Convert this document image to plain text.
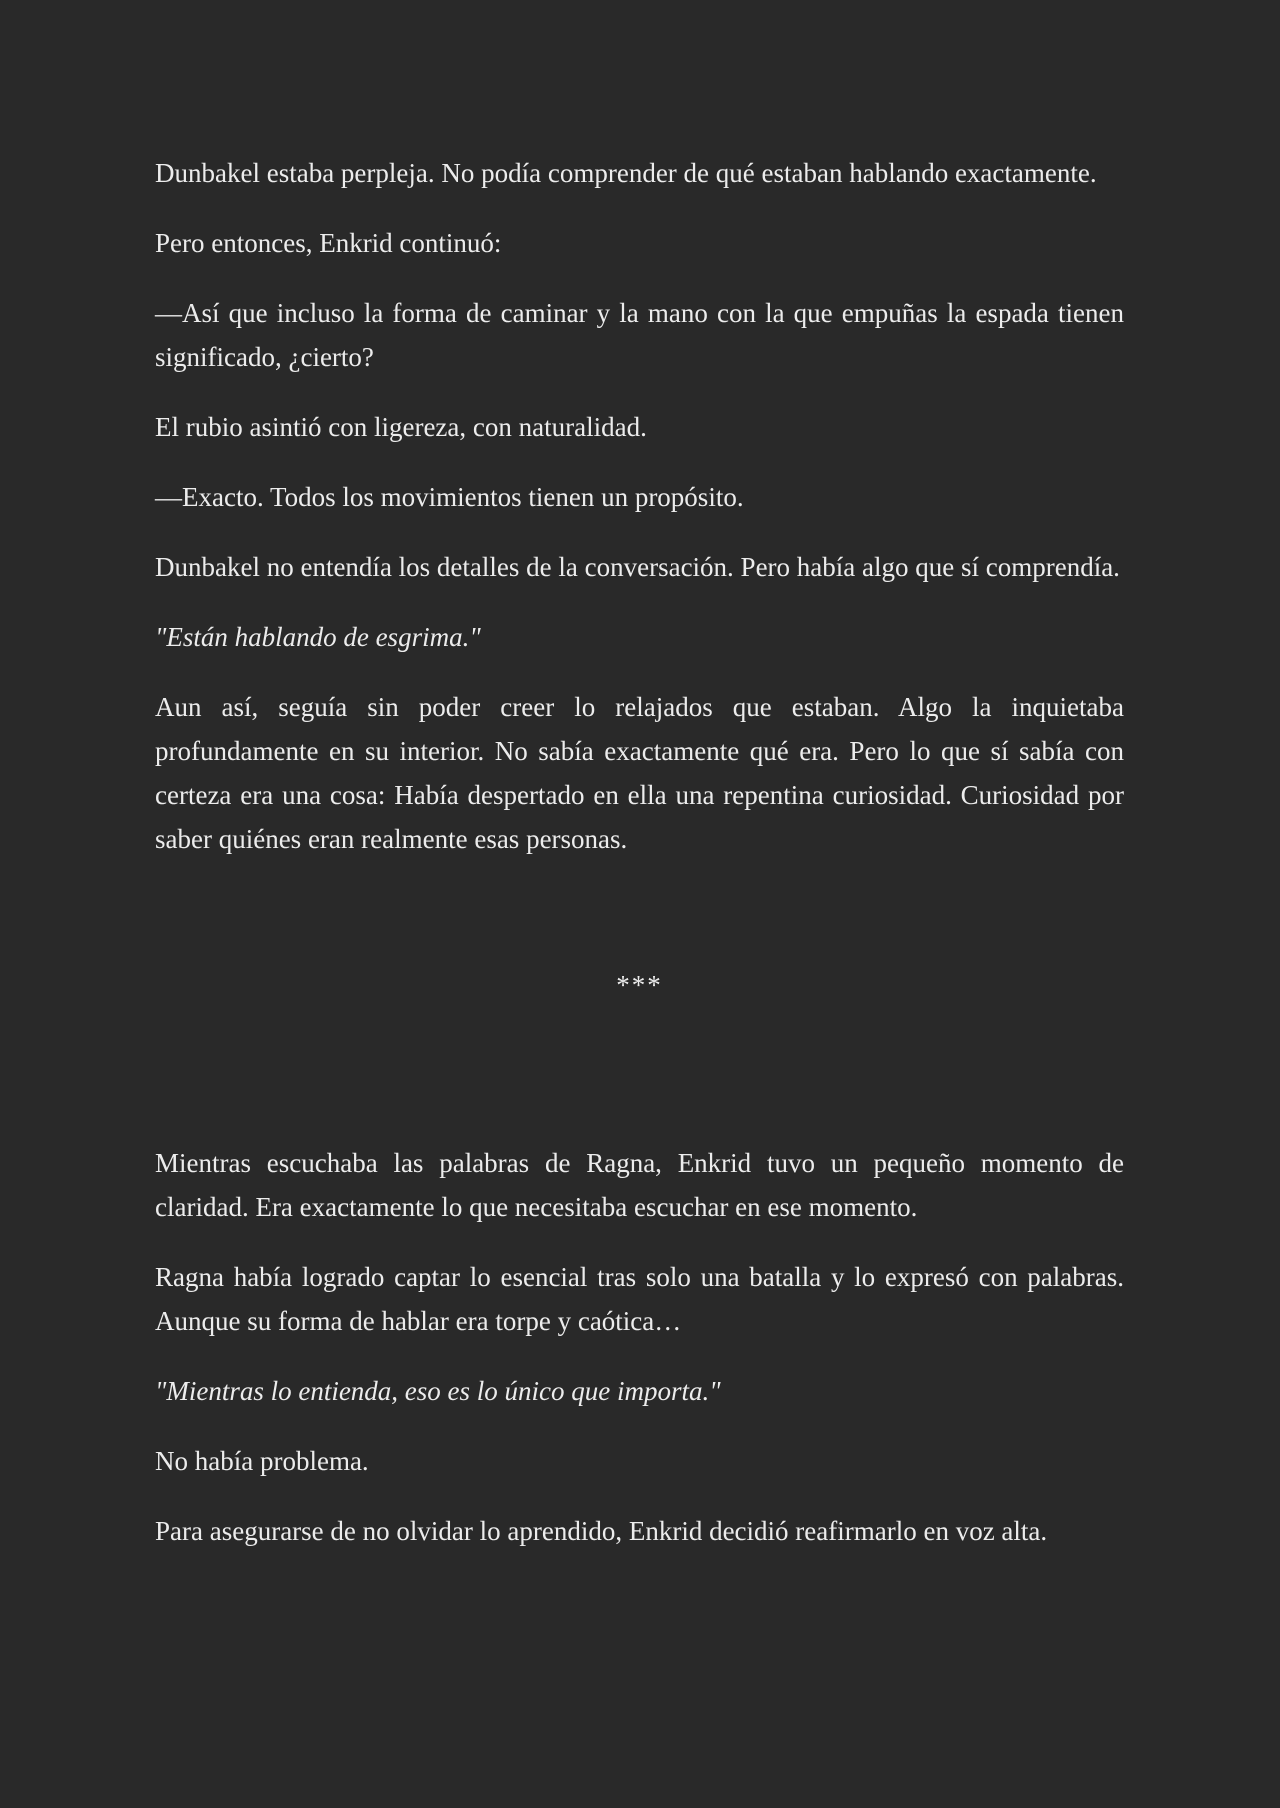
Dunbakel estaba perpleja. No podía comprender de qué estaban hablando exactamente.

Pero entonces, Enkrid continuó:

—Así que incluso la forma de caminar y la mano con la que empuñas la espada tienen significado, ¿cierto?

El rubio asintió con ligereza, con naturalidad.

—Exacto. Todos los movimientos tienen un propósito.

Dunbakel no entendía los detalles de la conversación. Pero había algo que sí comprendía.

"Están hablando de esgrima."

Aun así, seguía sin poder creer lo relajados que estaban. Algo la inquietaba profundamente en su interior. No sabía exactamente qué era. Pero lo que sí sabía con certeza era una cosa: Había despertado en ella una repentina curiosidad. Curiosidad por saber quiénes eran realmente esas personas.

***

Mientras escuchaba las palabras de Ragna, Enkrid tuvo un pequeño momento de claridad. Era exactamente lo que necesitaba escuchar en ese momento.

Ragna había logrado captar lo esencial tras solo una batalla y lo expresó con palabras. Aunque su forma de hablar era torpe y caótica…

"Mientras lo entienda, eso es lo único que importa."

No había problema.

Para asegurarse de no olvidar lo aprendido, Enkrid decidió reafirmarlo en voz alta.
